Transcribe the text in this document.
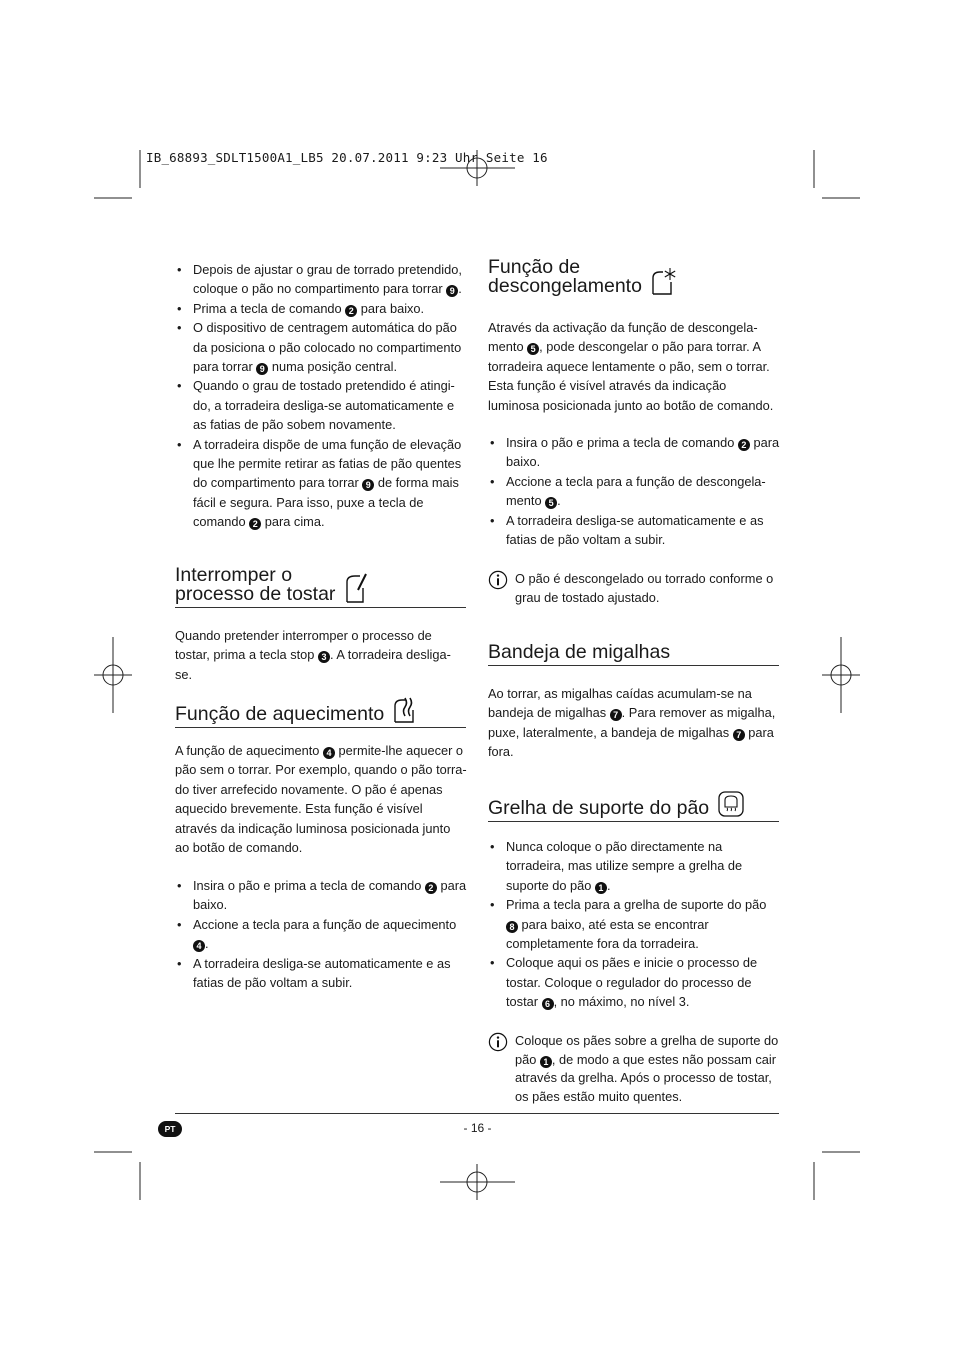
IB_68893_SDLT1500A1_LB5 20.07.2011 9:23 Uhr Seite 16
• Depois de ajustar o grau de torrado pretendido, coloque o pão no compartimento para torrar 9 .
• Prima a tecla de comando 2 para baixo.
• O dispositivo de centragem automática do pão da posiciona o pão colocado no compartimento para torrar 9 numa posição central.
• Quando o grau de tostado pretendido é atingi-do, a torradeira desliga-se automaticamente e as fatias de pão sobem novamente.
• A torradeira dispõe de uma função de elevação que lhe permite retirar as fatias de pão quentes do compartimento para torrar 9 de forma mais fácil e segura. Para isso, puxe a tecla de comando 2 para cima.
Interromper o
processo de tostar

Quando pretender interromper o processo de tostar, prima a tecla stop 3 . A torradeira desliga-se.

Função de aquecimento

A função de aquecimento 4 permite-lhe aquecer o pão sem o torrar. Por exemplo, quando o pão torra-do tiver arrefecido novamente. O pão é apenas aquecido brevemente. Esta função é visível através da indicação luminosa posicionada junto ao botão de comando.

• Insira o pão e prima a tecla de comando 2 para baixo.
• Accione a tecla para a função de aquecimento 4 .
• A torradeira desliga-se automaticamente e as fatias de pão voltam a subir.
Função de
descongelamento

Através da activação da função de descongela-mento 5 , pode descongelar o pão para torrar. A torradeira aquece lentamente o pão, sem o torrar. Esta função é visível através da indicação luminosa posicionada junto ao botão de comando.

• Insira o pão e prima a tecla de comando 2 para baixo.
• Accione a tecla para a função de descongela-mento 5 .
• A torradeira desliga-se automaticamente e as fatias de pão voltam a subir.
O pão é descongelado ou torrado conforme o grau de tostado ajustado.
Bandeja de migalhas

Ao torrar, as migalhas caídas acumulam-se na bandeja de migalhas 7 . Para remover as migalha, puxe, lateralmente, a bandeja de migalhas 7 para fora.

Grelha de suporte do pão
• Nunca coloque o pão directamente na torradeira, mas utilize sempre a grelha de suporte do pão 1 .
• Prima a tecla para a grelha de suporte do pão 8 para baixo, até esta se encontrar completamente fora da torradeira.
• Coloque aqui os pães e inicie o processo de tostar. Coloque o regulador do processo de tostar 6 , no máximo, no nível 3.
Coloque os pães sobre a grelha de suporte do pão 1 , de modo a que estes não possam cair através da grelha. Após o processo de tostar, os pães estão muito quentes.
PT	- 16 -
